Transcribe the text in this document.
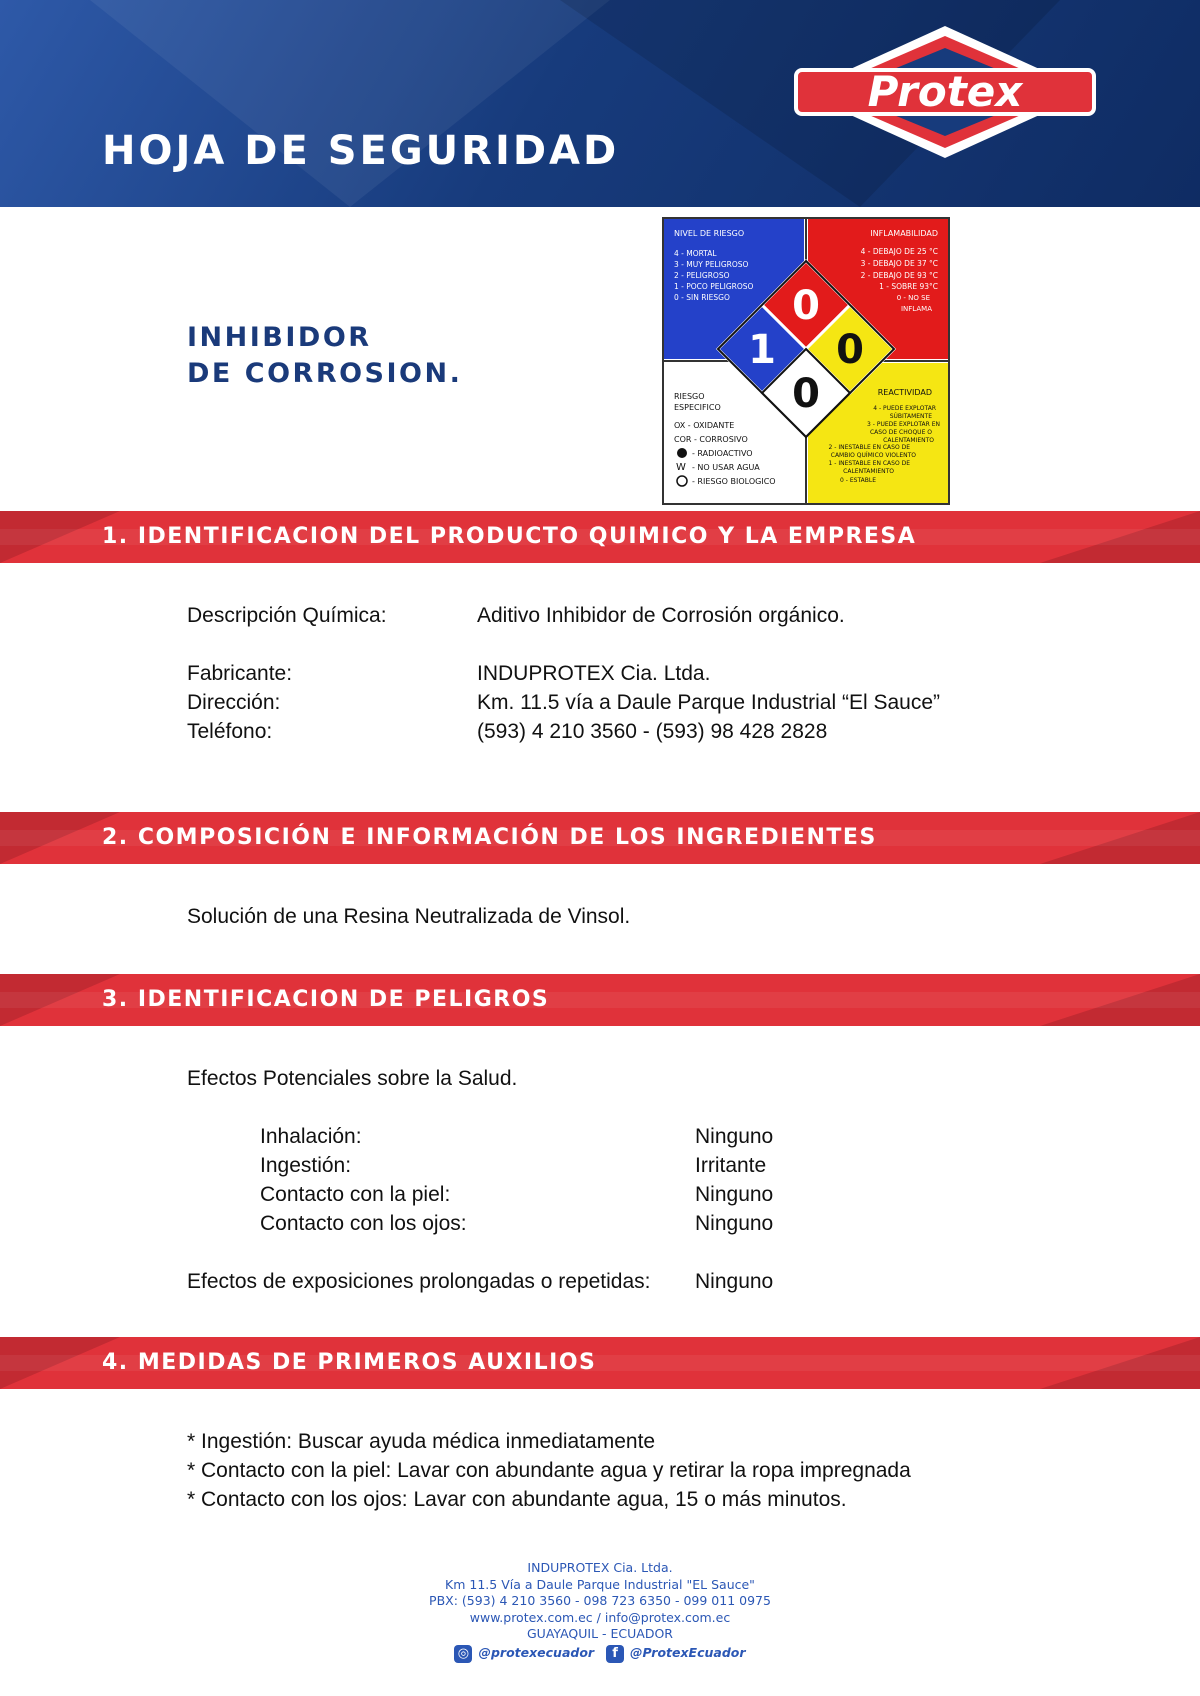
HOJA DE SEGURIDAD
Protex
INHIBIDOR
DE CORROSION.
NIVEL DE RIESGO
4 - MORTAL
3 - MUY PELIGROSO
2 - PELIGROSO
1 - POCO PELIGROSO
0 - SIN RIESGO
INFLAMABILIDAD
4 - DEBAJO DE 25 °C
3 - DEBAJO DE 37 °C
2 - DEBAJO DE 93 °C
1 - SOBRE 93°C
0 - NO SE
INFLAMA
RIESGO
ESPECIFICO
OX - OXIDANTE
COR - CORROSIVO
- RADIOACTIVO
W - NO USAR AGUA
- RIESGO BIOLOGICO
REACTIVIDAD
4 - PUEDE EXPLOTAR
SÚBITAMENTE
3 - PUEDE EXPLOTAR EN
CASO DE CHOQUE O
CALENTAMIENTO
2 - INESTABLE EN CASO DE
CAMBIO QUÍMICO VIOLENTO
1 - INESTABLE EN CASO DE
CALENTAMIENTO
0 - ESTABLE
0
1 0
0
1. IDENTIFICACION DEL PRODUCTO QUIMICO Y LA EMPRESA
Descripción Química:	Aditivo Inhibidor de Corrosión orgánico.
Fabricante:	INDUPROTEX Cia. Ltda.
Dirección:	Km. 11.5 vía a Daule Parque Industrial “El Sauce”
Teléfono:	(593) 4 210 3560 - (593) 98 428 2828
2. COMPOSICIÓN E INFORMACIÓN DE LOS INGREDIENTES
Solución de una Resina Neutralizada de Vinsol.
3. IDENTIFICACION DE PELIGROS
Efectos Potenciales sobre la Salud.
Inhalación:	Ninguno
Ingestión:	Irritante
Contacto con la piel:	Ninguno
Contacto con los ojos:	Ninguno
Efectos de exposiciones prolongadas o repetidas: Ninguno
4. MEDIDAS DE PRIMEROS AUXILIOS
* Ingestión: Buscar ayuda médica inmediatamente
* Contacto con la piel: Lavar con abundante agua y retirar la ropa impregnada
* Contacto con los ojos: Lavar con abundante agua, 15 o más minutos.
INDUPROTEX Cia. Ltda.
Km 11.5 Vía a Daule Parque Industrial "EL Sauce"
PBX: (593) 4 210 3560 - 098 723 6350 - 099 011 0975
www.protex.com.ec / info@protex.com.ec
GUAYAQUIL - ECUADOR
◎ @protexecuador
	f @ProtexEcuador
